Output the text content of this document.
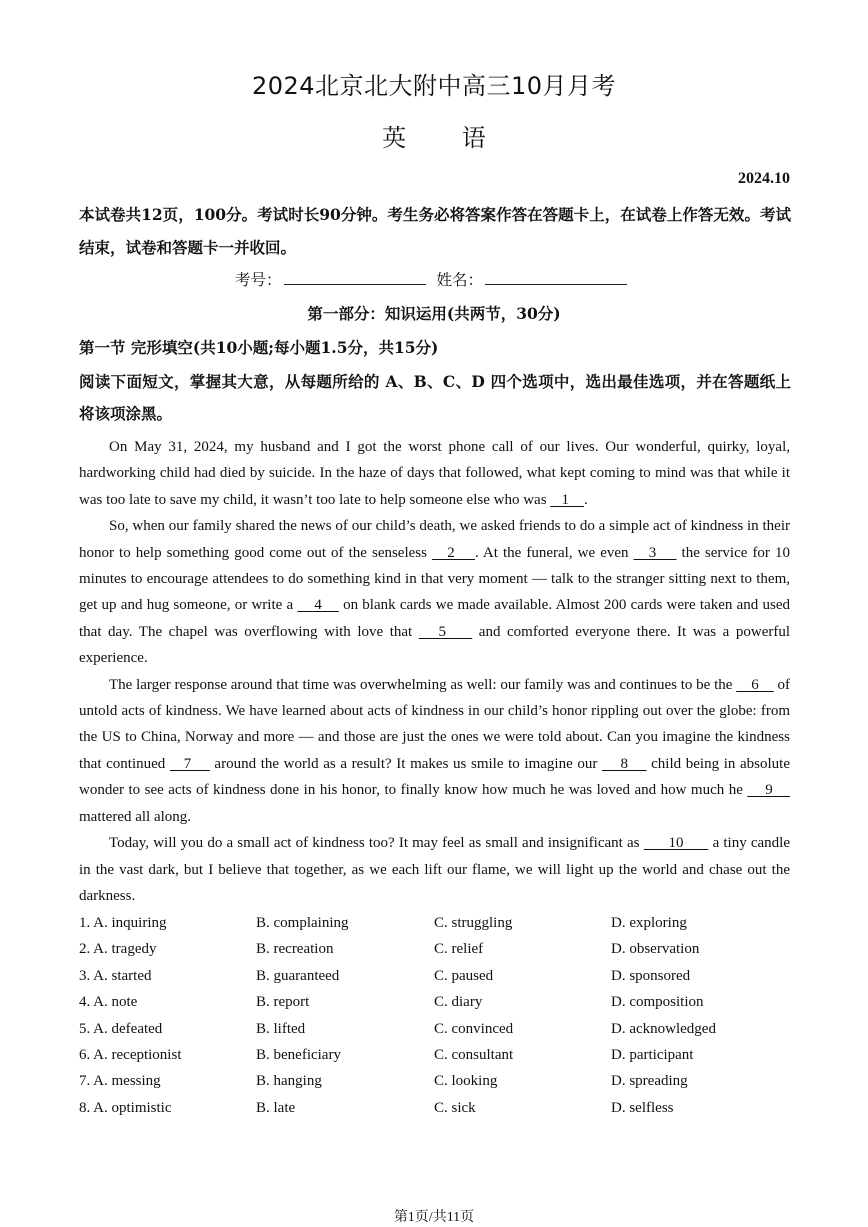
2024北京北大附中高三10月月考
英 语
2024.10
本试卷共12页，100分。考试时长90分钟。考生务必将答案作答在答题卡上，在试卷上作答无效。考试结束，试卷和答题卡一并收回。
考号：	姓名：
第一部分：知识运用(共两节，30分)
第一节 完形填空(共10小题;每小题1.5分，共15分)
阅读下面短文，掌握其大意，从每题所给的 A、B、C、D 四个选项中，选出最佳选项，并在答题纸上将该项涂黑。

On May 31, 2024, my husband and I got the worst phone call of our lives. Our wonderful, quirky, loyal, hardworking child had died by suicide. In the haze of days that followed, what kept coming to mind was that while it was too late to save my child, it wasn’t too late to help someone else who was    1    .

So, when our family shared the news of our child’s death, we asked friends to do a simple act of kindness in their honor to help something good come out of the senseless    2    . At the funeral, we even    3     the service for 10 minutes to encourage attendees to do something kind in that very moment — talk to the stranger sitting next to them, get up and hug someone, or write a     4     on blank cards we made available. Almost 200 cards were taken and used that day. The chapel was overflowing with love that    5     and comforted everyone there. It was a powerful experience.

The larger response around that time was overwhelming as well: our family was and continues to be the     6     of untold acts of kindness. We have learned about acts of kindness in our child’s honor rippling out over the globe: from the US to China, Norway and more — and those are just the ones we were told about. Can you imagine the kindness that continued    7     around the world as a result? It makes us smile to imagine our     8     child being in absolute wonder to see acts of kindness done in his honor, to finally know how much he was loved and how much he     9     mattered all along.

Today, will you do a small act of kindness too? It may feel as small and insignificant as       10       a tiny candle in the vast dark, but I believe that together, as we each lift our flame, we will light up the world and chase out the darkness.

1. A. inquiring	B. complaining	C. struggling	D. exploring
2. A. tragedy	B. recreation	C. relief	D. observation
3. A. started	B. guaranteed	C. paused	D. sponsored
4. A. note	B. report	C. diary	D. composition
5. A. defeated	B. lifted	C. convinced	D. acknowledged
6. A. receptionist	B. beneficiary	C. consultant	D. participant
7. A. messing	B. hanging	C. looking	D. spreading
8. A. optimistic	B. late	C. sick	D. selfless
第1页/共11页
